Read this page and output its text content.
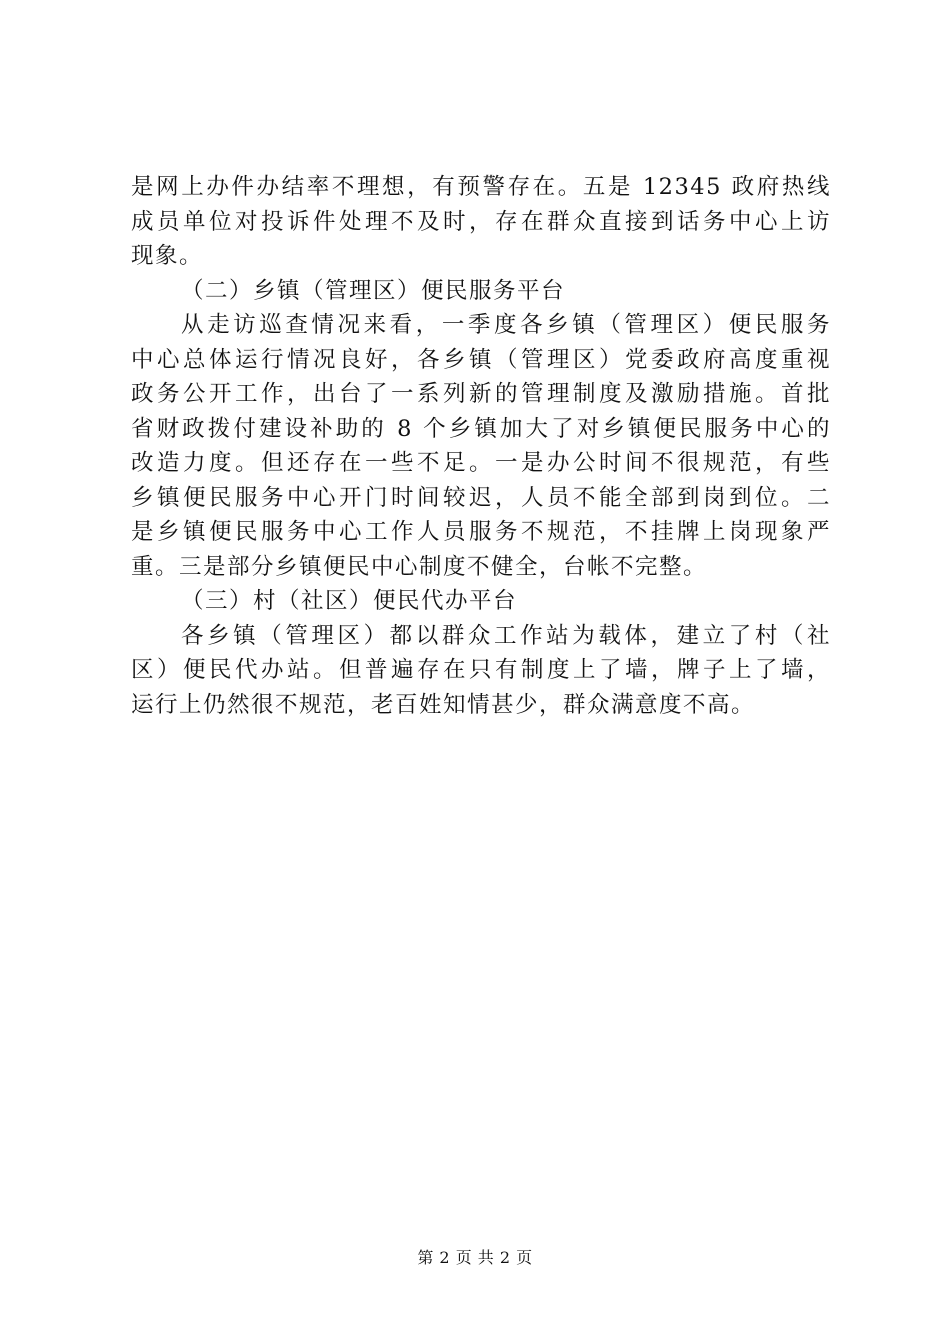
是网上办件办结率不理想，有预警存在。五是 12345 政府热线
成员单位对投诉件处理不及时，存在群众直接到话务中心上访
现象。
（二）乡镇（管理区）便民服务平台
从走访巡查情况来看，一季度各乡镇（管理区）便民服务
中心总体运行情况良好，各乡镇（管理区）党委政府高度重视
政务公开工作，出台了一系列新的管理制度及激励措施。首批
省财政拨付建设补助的 8 个乡镇加大了对乡镇便民服务中心的
改造力度。但还存在一些不足。一是办公时间不很规范，有些
乡镇便民服务中心开门时间较迟，人员不能全部到岗到位。二
是乡镇便民服务中心工作人员服务不规范，不挂牌上岗现象严
重。三是部分乡镇便民中心制度不健全，台帐不完整。
（三）村（社区）便民代办平台
各乡镇（管理区）都以群众工作站为载体，建立了村（社
区）便民代办站。但普遍存在只有制度上了墙，牌子上了墙，
运行上仍然很不规范，老百姓知情甚少，群众满意度不高。
第 2 页 共 2 页
